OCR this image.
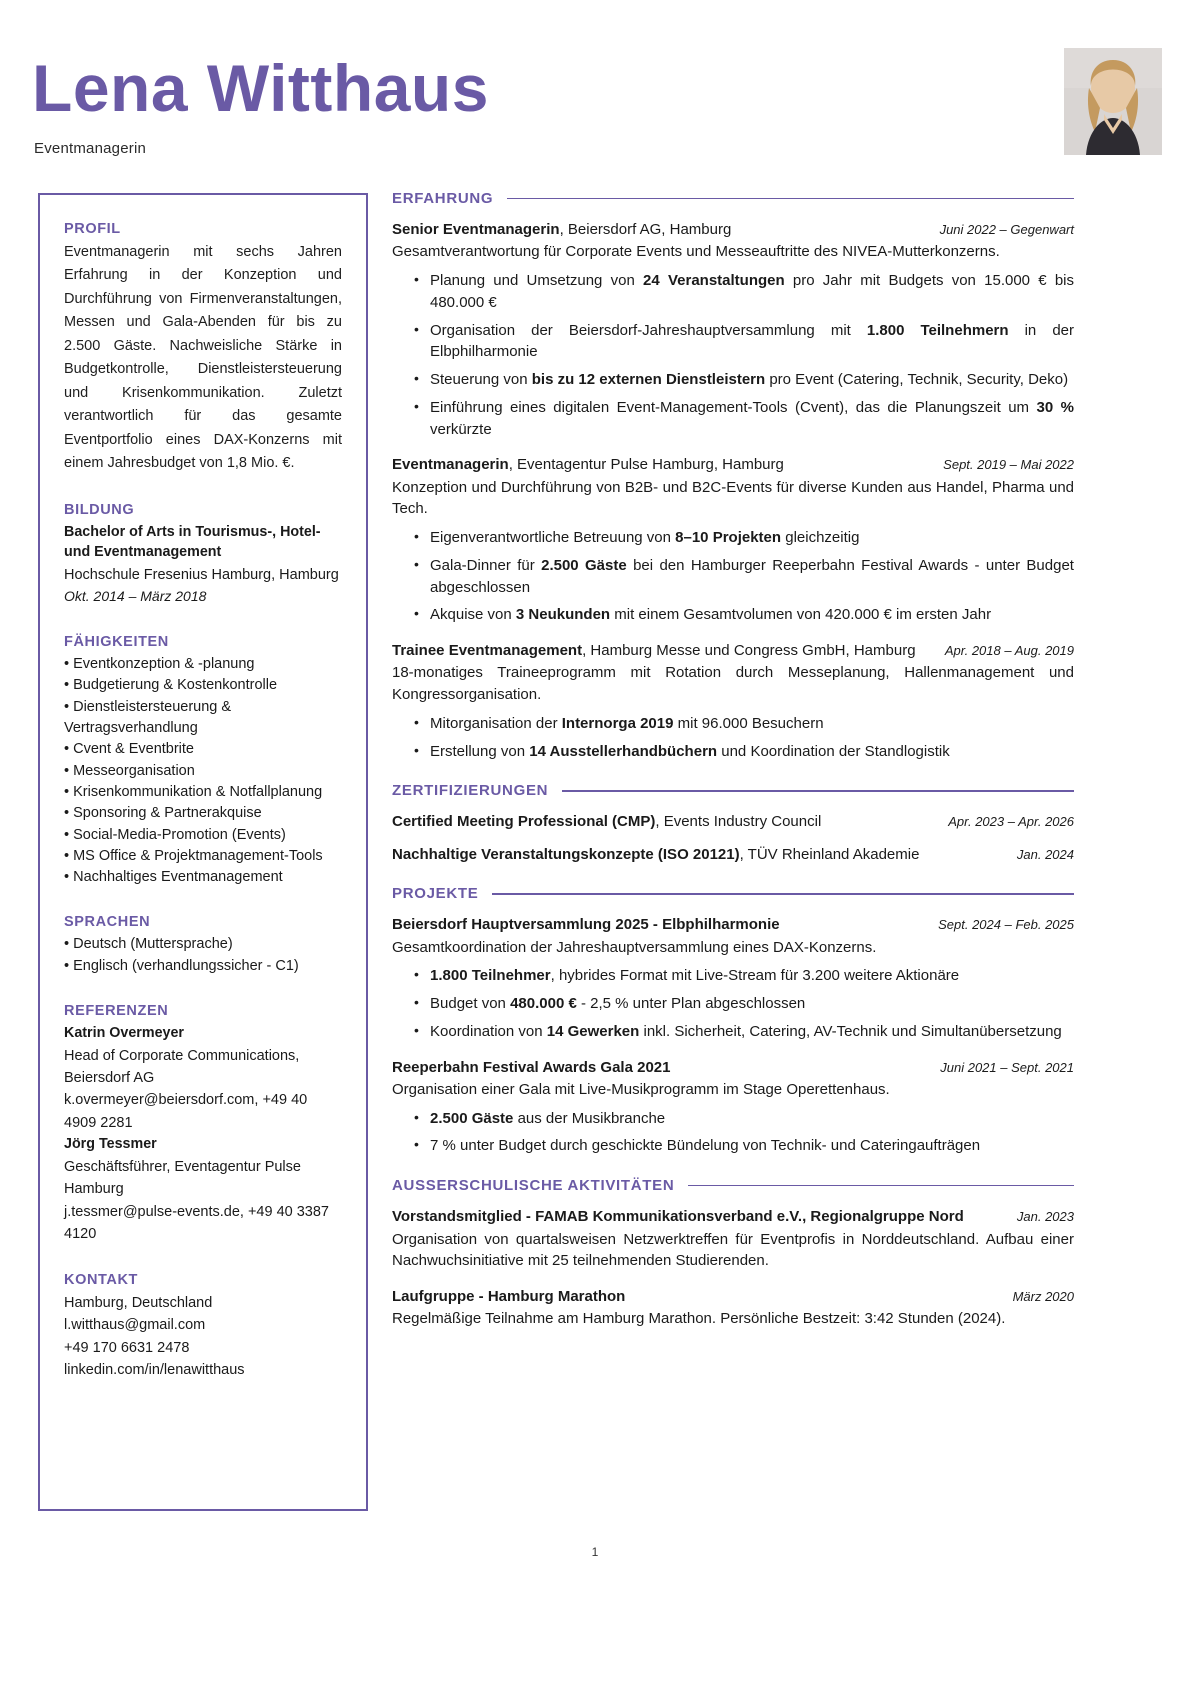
Lena Witthaus
Eventmanagerin
PROFIL

Eventmanagerin mit sechs Jahren Erfahrung in der Konzeption und Durchführung von Firmenveranstaltungen, Messen und Gala-Abenden für bis zu 2.500 Gäste. Nachweisliche Stärke in Budgetkontrolle, Dienstleistersteuerung und Krisenkommunikation. Zuletzt verantwortlich für das gesamte Eventportfolio eines DAX-Konzerns mit einem Jahresbudget von 1,8 Mio. €.

BILDUNG

Bachelor of Arts in Tourismus-, Hotel- und Eventmanagement

Hochschule Fresenius Hamburg, Hamburg

Okt. 2014 – März 2018

FÄHIGKEITEN
• Eventkonzeption & -planung
• Budgetierung & Kostenkontrolle
• Dienstleistersteuerung & Vertragsverhandlung
• Cvent & Eventbrite
• Messeorganisation
• Krisenkommunikation & Notfallplanung
• Sponsoring & Partnerakquise
• Social-Media-Promotion (Events)
• MS Office & Projektmanagement-Tools
• Nachhaltiges Eventmanagement
SPRACHEN
• Deutsch (Muttersprache)
• Englisch (verhandlungssicher - C1)
REFERENZEN

Katrin Overmeyer

Head of Corporate Communications, Beiersdorf AG

k.overmeyer@beiersdorf.com, +49 40 4909 2281

Jörg Tessmer

Geschäftsführer, Eventagentur Pulse Hamburg

j.tessmer@pulse-events.de, +49 40 3387 4120

KONTAKT

Hamburg, Deutschland

l.witthaus@gmail.com

+49 170 6631 2478

linkedin.com/in/lenawitthaus

ERFAHRUNG
Senior Eventmanagerin, Beiersdorf AG, Hamburg	Juni 2022 – Gegenwart

Gesamtverantwortung für Corporate Events und Messeauftritte des NIVEA-Mutterkonzerns.

• Planung und Umsetzung von 24 Veranstaltungen pro Jahr mit Budgets von 15.000 € bis 480.000 €
• Organisation der Beiersdorf-Jahreshauptversammlung mit 1.800 Teilnehmern in der Elbphilharmonie
• Steuerung von bis zu 12 externen Dienstleistern pro Event (Catering, Technik, Security, Deko)
• Einführung eines digitalen Event-Management-Tools (Cvent), das die Planungszeit um 30 % verkürzte
Eventmanagerin, Eventagentur Pulse Hamburg, Hamburg	Sept. 2019 – Mai 2022

Konzeption und Durchführung von B2B- und B2C-Events für diverse Kunden aus Handel, Pharma und Tech.

• Eigenverantwortliche Betreuung von 8–10 Projekten gleichzeitig
• Gala-Dinner für 2.500 Gäste bei den Hamburger Reeperbahn Festival Awards - unter Budget abgeschlossen
• Akquise von 3 Neukunden mit einem Gesamtvolumen von 420.000 € im ersten Jahr
Trainee Eventmanagement, Hamburg Messe und Congress GmbH, Hamburg	Apr. 2018 – Aug. 2019

18-monatiges Traineeprogramm mit Rotation durch Messeplanung, Hallenmanagement und Kongressorganisation.

• Mitorganisation der Internorga 2019 mit 96.000 Besuchern
• Erstellung von 14 Ausstellerhandbüchern und Koordination der Standlogistik
ZERTIFIZIERUNGEN
Certified Meeting Professional (CMP), Events Industry Council	Apr. 2023 – Apr. 2026
Nachhaltige Veranstaltungskonzepte (ISO 20121), TÜV Rheinland Akademie	Jan. 2024
PROJEKTE
Beiersdorf Hauptversammlung 2025 - Elbphilharmonie	Sept. 2024 – Feb. 2025

Gesamtkoordination der Jahreshauptversammlung eines DAX-Konzerns.

• 1.800 Teilnehmer, hybrides Format mit Live-Stream für 3.200 weitere Aktionäre
• Budget von 480.000 € - 2,5 % unter Plan abgeschlossen
• Koordination von 14 Gewerken inkl. Sicherheit, Catering, AV-Technik und Simultanübersetzung
Reeperbahn Festival Awards Gala 2021	Juni 2021 – Sept. 2021

Organisation einer Gala mit Live-Musikprogramm im Stage Operettenhaus.

• 2.500 Gäste aus der Musikbranche
• 7 % unter Budget durch geschickte Bündelung von Technik- und Cateringaufträgen
AUSSERSCHULISCHE AKTIVITÄTEN
Vorstandsmitglied - FAMAB Kommunikationsverband e.V., Regionalgruppe Nord	Jan. 2023

Organisation von quartalsweisen Netzwerktreffen für Eventprofis in Norddeutschland. Aufbau einer Nachwuchsinitiative mit 25 teilnehmenden Studierenden.

Laufgruppe - Hamburg Marathon	März 2020

Regelmäßige Teilnahme am Hamburg Marathon. Persönliche Bestzeit: 3:42 Stunden (2024).

1
